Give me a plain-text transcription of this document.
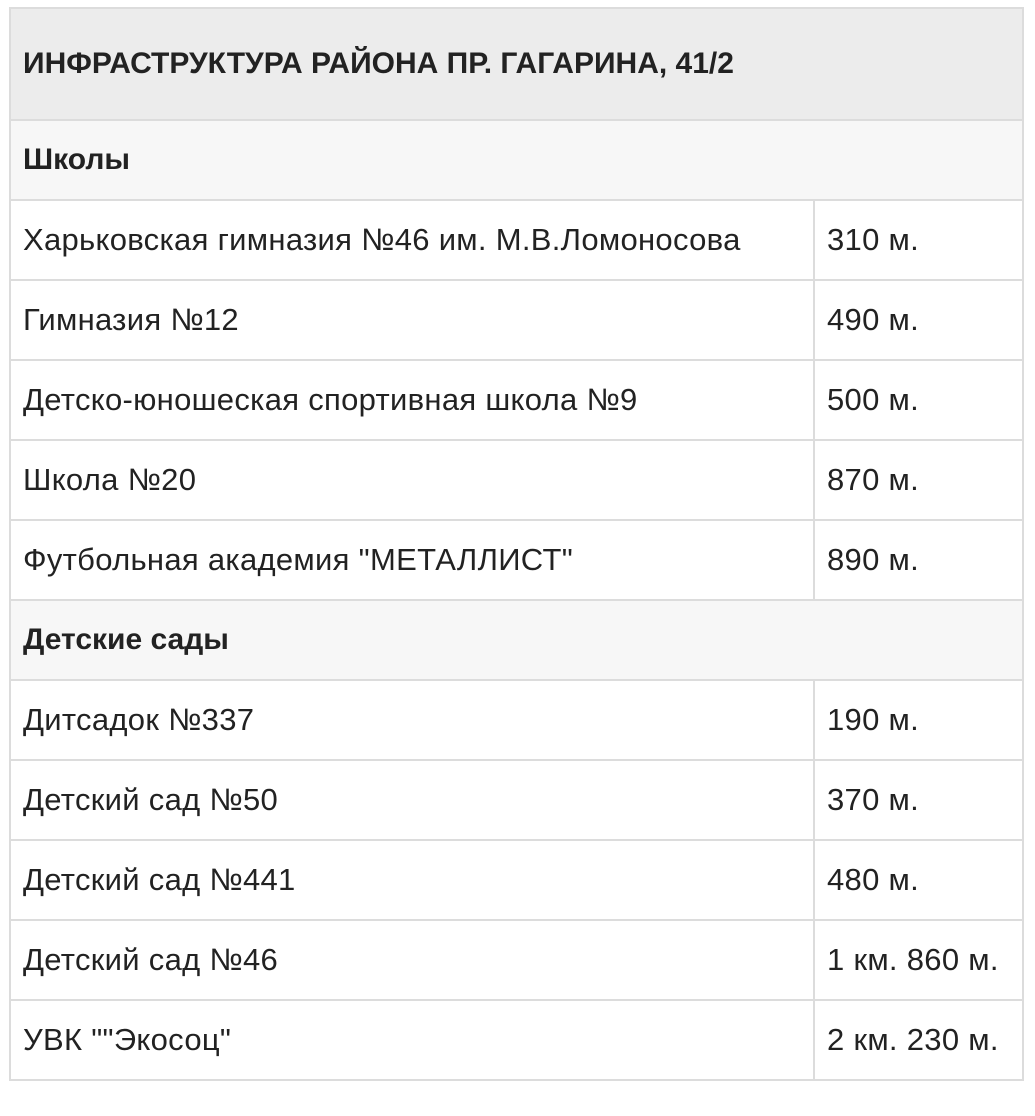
ИНФРАСТРУКТУРА РАЙОНА ПР. ГАГАРИНА, 41/2	
Школы	
Харьковская гимназия №46 им. М.В.Ломоносова	310 м.
Гимназия №12	490 м.
Детско-юношеская спортивная школа №9	500 м.
Школа №20	870 м.
Футбольная академия "МЕТАЛЛИСТ"	890 м.
Детские сады	
Дитсадок №337	190 м.
Детский сад №50	370 м.
Детский сад №441	480 м.
Детский сад №46	1 км. 860 м.
УВК ""Экосоц"	2 км. 230 м.
